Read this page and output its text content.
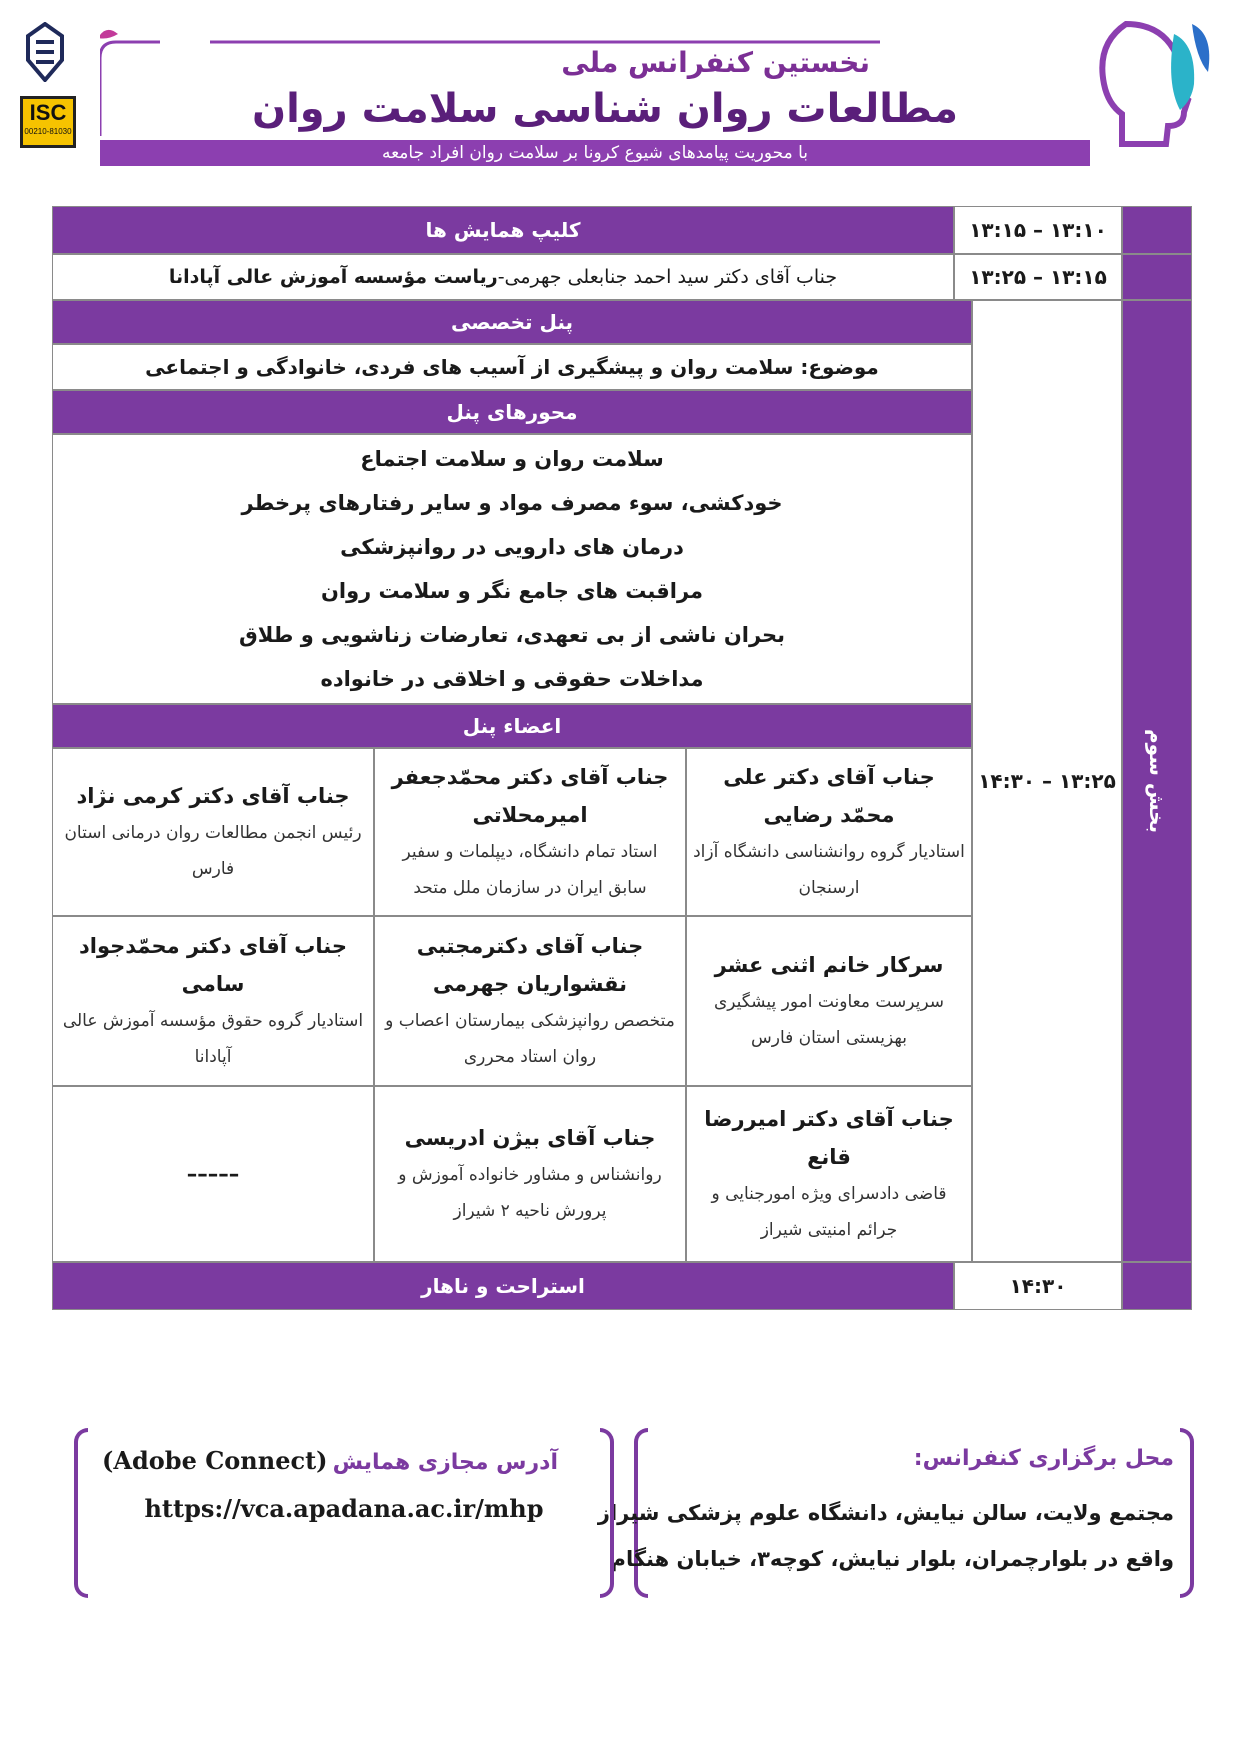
ISC
00210-81030
نخستین کنفرانس ملی
مطالعات روان شناسی سلامت روان
با محوریت پیامدهای شیوع کرونا بر سلامت روان افراد جامعه
۱۳:۱۰ – ۱۳:۱۵
کلیپ همایش ها
۱۳:۱۵ – ۱۳:۲۵
جناب آقای دکتر سید احمد جنابعلی جهرمی-
ریاست مؤسسه آموزش عالی آپادانا
بخش سوم
۱۳:۲۵ – ۱۴:۳۰
پنل تخصصی
موضوع: سلامت روان و پیشگیری از آسیب های فردی، خانوادگی و اجتماعی
محورهای پنل
سلامت روان و سلامت اجتماع
خودکشی، سوء مصرف مواد و سایر رفتارهای پرخطر
درمان های دارویی در روانپزشکی
مراقبت های جامع نگر و سلامت روان
بحران ناشی از بی تعهدی، تعارضات زناشویی و طلاق
مداخلات حقوقی و اخلاقی در خانواده
اعضاء پنل
جناب آقای دکتر علی محمّد رضایی
استادیار گروه روانشناسی دانشگاه آزاد ارسنجان
جناب آقای دکتر محمّدجعفر امیرمحلاتی
استاد تمام دانشگاه، دیپلمات و سفیر سابق ایران در سازمان ملل متحد
جناب آقای دکتر کرمی نژاد
رئیس انجمن مطالعات روان درمانی استان فارس
سرکار خانم اثنی عشر
سرپرست معاونت امور پیشگیری بهزیستی استان فارس
جناب آقای دکترمجتبی نقشواریان جهرمی
متخصص روانپزشکی بیمارستان اعصاب و روان استاد محرری
جناب آقای دکتر محمّدجواد سامی
استادیار گروه حقوق مؤسسه آموزش عالی آپادانا
جناب آقای دکتر امیررضا قانع
قاضی دادسرای ویژه امورجنایی و جرائم امنیتی شیراز
جناب آقای بیژن ادریسی
روانشناس و مشاور خانواده آموزش و پرورش ناحیه ۲ شیراز
–––––
۱۴:۳۰
استراحت و ناهار
محل برگزاری کنفرانس:
مجتمع ولایت، سالن نیایش، دانشگاه علوم پزشکی شیراز
واقع در بلوارچمران، بلوار نیایش، کوچه۳، خیابان هنگام
آدرس مجازی همایش (Adobe Connect)
https://vca.apadana.ac.ir/mhp
